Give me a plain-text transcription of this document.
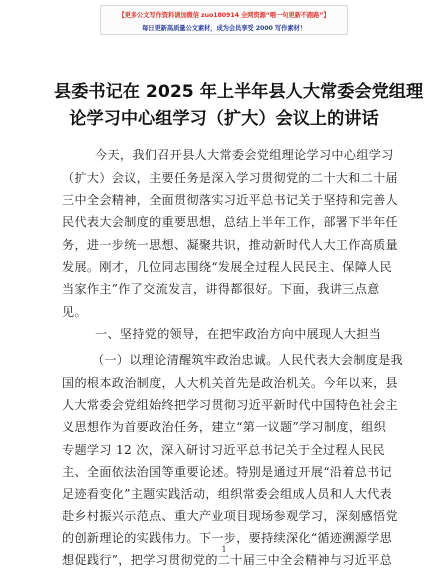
【更多公文写作资料请加微信 zuo180914 全网资源“喂一句更新不跑路”】
每日更新高质量公文素材，成为会员享受 2000 写作素材！
县委书记在 2025 年上半年县人大常委会党组理
论学习中心组学习（扩大）会议上的讲话
今天，我们召开县人大常委会党组理论学习中心组学习
（扩大）会议，主要任务是深入学习贯彻党的二十大和二十届
三中全会精神，全面贯彻落实习近平总书记关于坚持和完善人
民代表大会制度的重要思想，总结上半年工作，部署下半年任
务，进一步统一思想、凝聚共识，推动新时代人大工作高质量
发展。刚才，几位同志围绕“发展全过程人民民主、保障人民
当家作主”作了交流发言，讲得都很好。下面，我讲三点意
见。
一、坚持党的领导，在把牢政治方向中展现人大担当
（一）以理论清醒筑牢政治忠诚。人民代表大会制度是我
国的根本政治制度，人大机关首先是政治机关。今年以来，县
人大常委会党组始终把学习贯彻习近平新时代中国特色社会主
义思想作为首要政治任务，建立“第一议题”学习制度，组织
专题学习 12 次，深入研讨习近平总书记关于全过程人民民
主、全面依法治国等重要论述。特别是通过开展“沿着总书记
足迹看变化”主题实践活动，组织常委会组成人员和人大代表
赴乡村振兴示范点、重大产业项目现场参观学习，深刻感悟党
的创新理论的实践伟力。下一步，要持续深化“循迹溯源学思
想促践行”，把学习贯彻党的二十届三中全会精神与习近平总
1
